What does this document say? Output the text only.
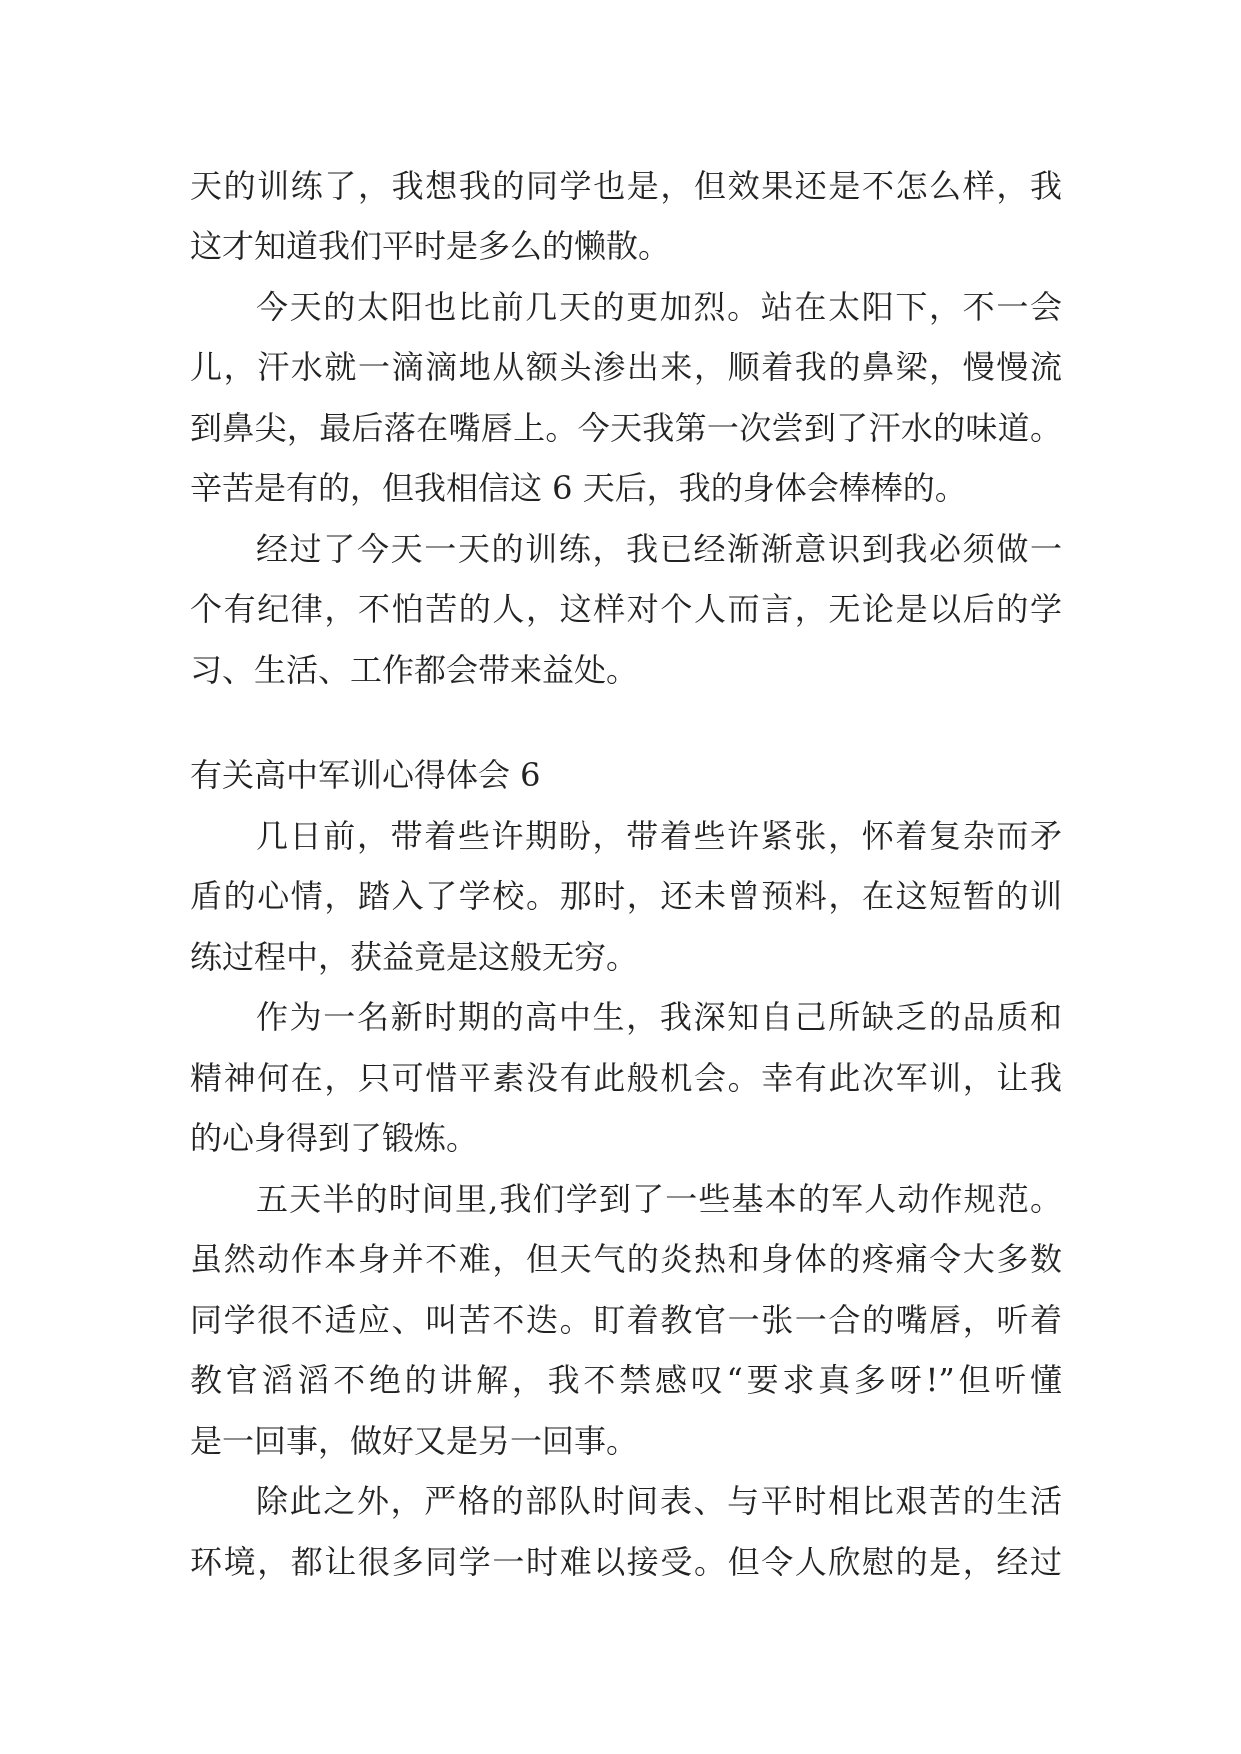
天的训练了，我想我的同学也是，但效果还是不怎么样，我
这才知道我们平时是多么的懒散。
今天的太阳也比前几天的更加烈。站在太阳下，不一会
儿，汗水就一滴滴地从额头渗出来，顺着我的鼻梁，慢慢流
到鼻尖，最后落在嘴唇上。今天我第一次尝到了汗水的味道。
辛苦是有的，但我相信这 6 天后，我的身体会棒棒的。
经过了今天一天的训练，我已经渐渐意识到我必须做一
个有纪律，不怕苦的人，这样对个人而言，无论是以后的学
习、生活、工作都会带来益处。
有关高中军训心得体会 6
几日前，带着些许期盼，带着些许紧张，怀着复杂而矛
盾的心情，踏入了学校。那时，还未曾预料，在这短暂的训
练过程中，获益竟是这般无穷。
作为一名新时期的高中生，我深知自己所缺乏的品质和
精神何在，只可惜平素没有此般机会。幸有此次军训，让我
的心身得到了锻炼。
五天半的时间里,我们学到了一些基本的军人动作规范。
虽然动作本身并不难，但天气的炎热和身体的疼痛令大多数
同学很不适应、叫苦不迭。盯着教官一张一合的嘴唇，听着
教官滔滔不绝的讲解，我不禁感叹“要求真多呀!”但听懂
是一回事，做好又是另一回事。
除此之外，严格的部队时间表、与平时相比艰苦的生活
环境，都让很多同学一时难以接受。但令人欣慰的是，经过
